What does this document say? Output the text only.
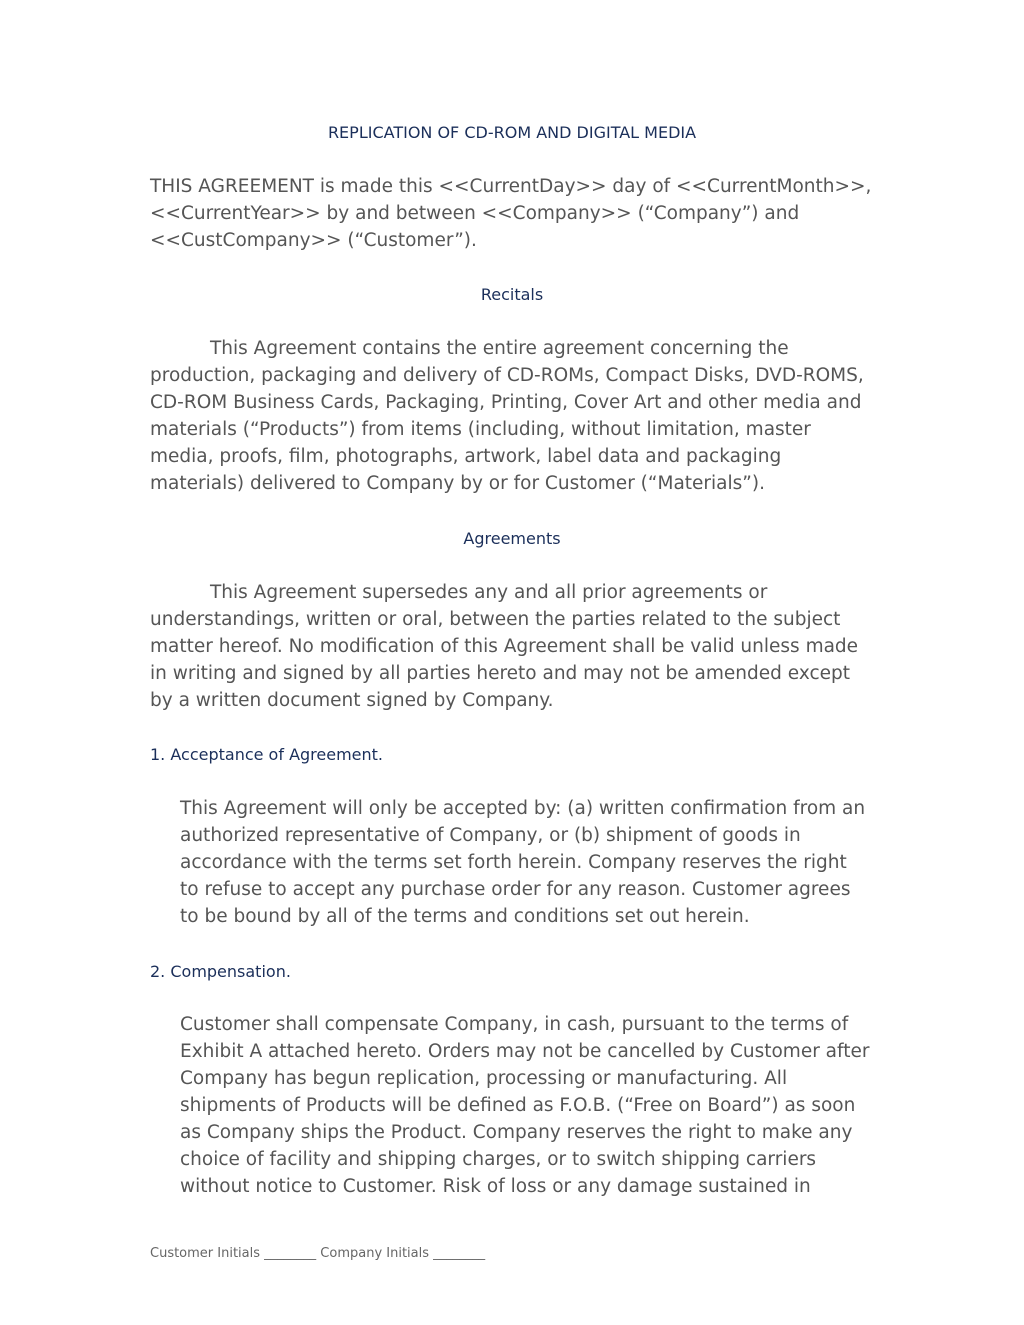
REPLICATION OF CD-ROM AND DIGITAL MEDIA
THIS AGREEMENT is made this <<CurrentDay>> day of <<CurrentMonth>>,
<<CurrentYear>> by and between <<Company>> (“Company”) and
<<CustCompany>> (“Customer”).
Recitals
This Agreement contains the entire agreement concerning the
production, packaging and delivery of CD-ROMs, Compact Disks, DVD-ROMS,
CD-ROM Business Cards, Packaging, Printing, Cover Art and other media and
materials (“Products”) from items (including, without limitation, master
media, proofs, film, photographs, artwork, label data and packaging
materials) delivered to Company by or for Customer (“Materials”).
Agreements
This Agreement supersedes any and all prior agreements or
understandings, written or oral, between the parties related to the subject
matter hereof. No modification of this Agreement shall be valid unless made
in writing and signed by all parties hereto and may not be amended except
by a written document signed by Company.
1. Acceptance of Agreement.
This Agreement will only be accepted by: (a) written confirmation from an
authorized representative of Company, or (b) shipment of goods in
accordance with the terms set forth herein. Company reserves the right
to refuse to accept any purchase order for any reason. Customer agrees
to be bound by all of the terms and conditions set out herein.
2. Compensation.
Customer shall compensate Company, in cash, pursuant to the terms of
Exhibit A attached hereto. Orders may not be cancelled by Customer after
Company has begun replication, processing or manufacturing. All
shipments of Products will be defined as F.O.B. (“Free on Board”) as soon
as Company ships the Product. Company reserves the right to make any
choice of facility and shipping charges, or to switch shipping carriers
without notice to Customer. Risk of loss or any damage sustained in
Customer Initials ________ Company Initials ________
